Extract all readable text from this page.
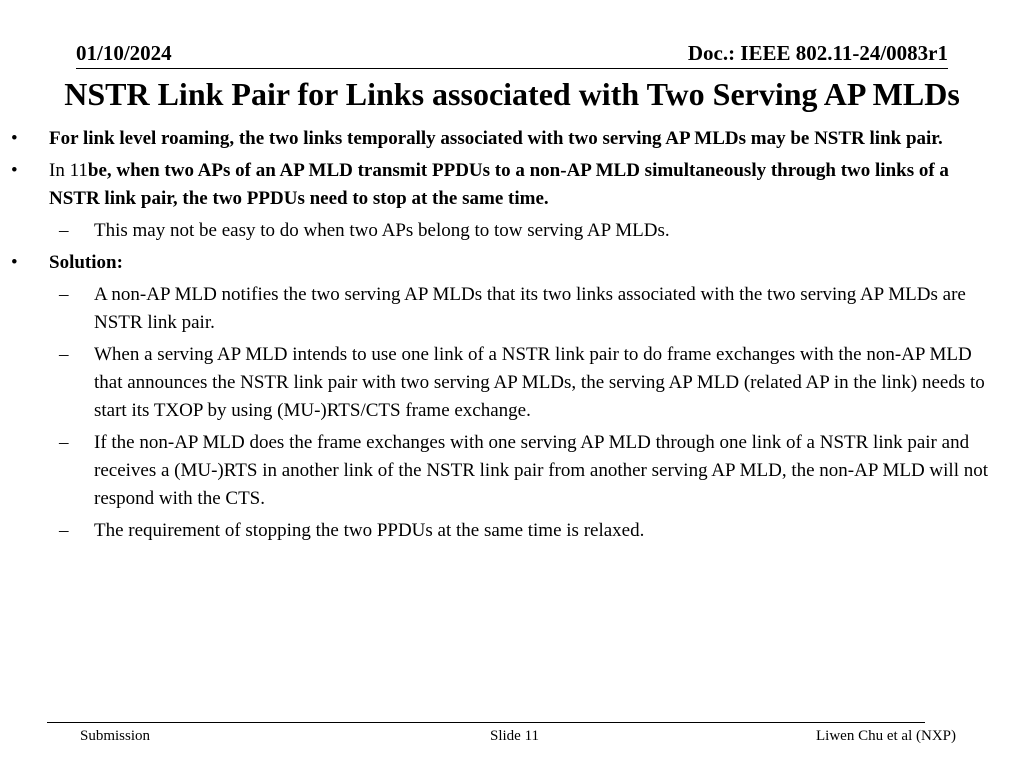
01/10/2024	Doc.: IEEE 802.11-24/0083r1
NSTR Link Pair for Links associated with Two Serving AP MLDs
• For link level roaming, the two links temporally associated with two serving AP MLDs may be NSTR link pair.
• In 11be, when two APs of an AP MLD transmit PPDUs to a non-AP MLD simultaneously through two links of a NSTR link pair, the two PPDUs need to stop at the same time.
– This may not be easy to do when two APs belong to tow serving AP MLDs.
• Solution:
– A non-AP MLD notifies the two serving AP MLDs that its two links associated with the two serving AP MLDs are NSTR link pair.
– When a serving AP MLD intends to use one link of a NSTR link pair to do frame exchanges with the non-AP MLD that announces the NSTR link pair with two serving AP MLDs, the serving AP MLD (related AP in the link) needs to start its TXOP by using (MU-)RTS/CTS frame exchange.
– If the non-AP MLD does the frame exchanges with one serving AP MLD through one link of a NSTR link pair and receives a (MU-)RTS in another link of the NSTR link pair from another serving AP MLD, the non-AP MLD will not respond with the CTS.
– The requirement of stopping the two PPDUs at the same time is relaxed.
Submission	Slide 11	Liwen Chu et al (NXP)
